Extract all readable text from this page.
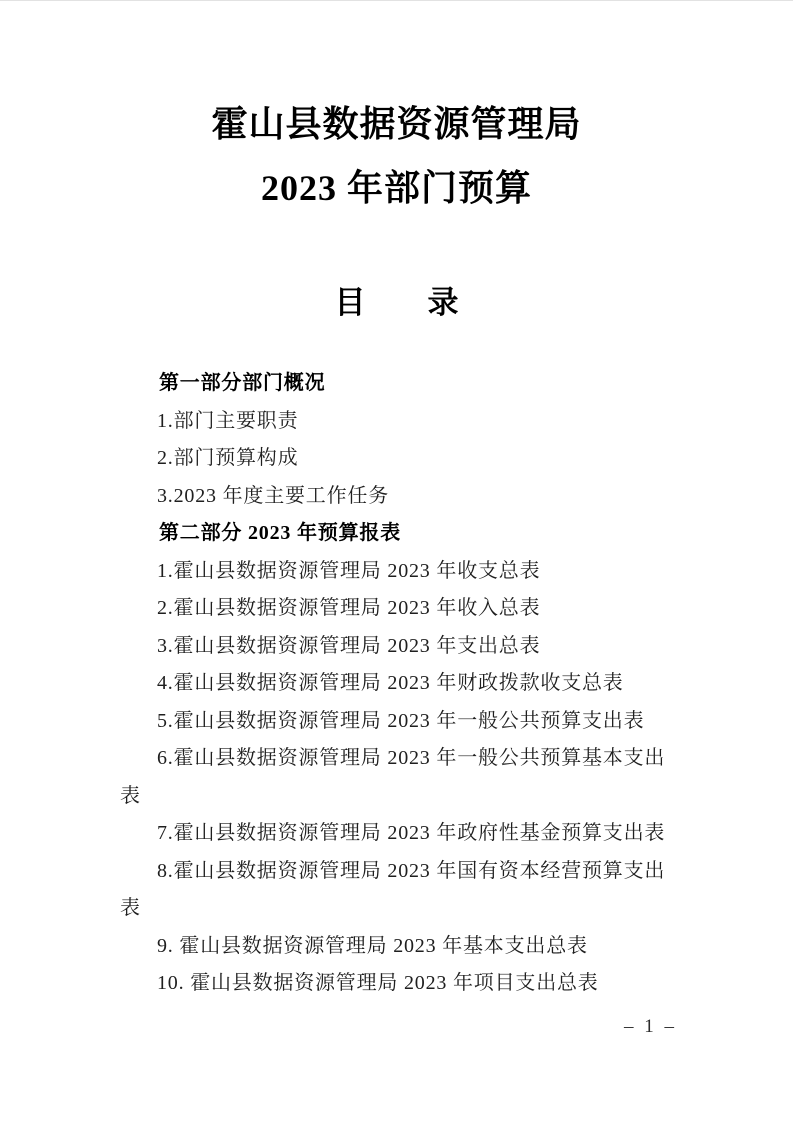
霍山县数据资源管理局
2023 年部门预算
目　　录
第一部分部门概况
1.部门主要职责
2.部门预算构成
3.2023 年度主要工作任务
第二部分 2023 年预算报表
1.霍山县数据资源管理局 2023 年收支总表
2.霍山县数据资源管理局 2023 年收入总表
3.霍山县数据资源管理局 2023 年支出总表
4.霍山县数据资源管理局 2023 年财政拨款收支总表
5.霍山县数据资源管理局 2023 年一般公共预算支出表
6.霍山县数据资源管理局 2023 年一般公共预算基本支出
表
7.霍山县数据资源管理局 2023 年政府性基金预算支出表
8.霍山县数据资源管理局 2023 年国有资本经营预算支出
表
9. 霍山县数据资源管理局 2023 年基本支出总表
10. 霍山县数据资源管理局 2023 年项目支出总表
– 1 –
